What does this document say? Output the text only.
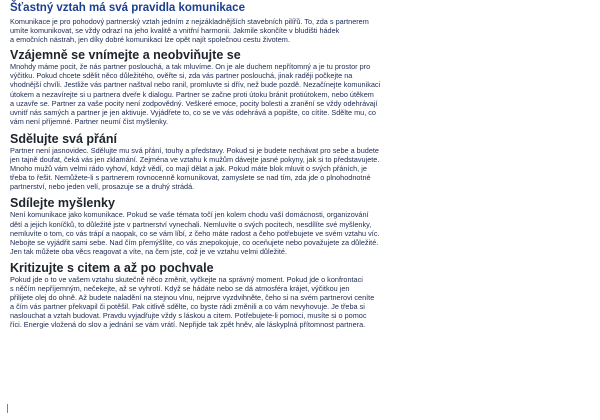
Šťastný vztah má svá pravidla komunikace
Komunikace je pro pohodový partnerský vztah jedním z nejzákladnějších stavebních pilířů. To, zda s partnerem
umíte komunikovat, se vždy odrazí na jeho kvalitě a vnitřní harmonii. Jakmile skončíte v bludišti hádek
a emočních nástrah, jen díky dobré komunikaci lze opět najít společnou cestu životem.
Vzájemně se vnímejte a neobviňujte se
Mnohdy máme pocit, že nás partner poslouchá, a tak mluvíme. On je ale duchem nepřítomný a je tu prostor pro
výčitku. Pokud chcete sdělit něco důležitého, ověřte si, zda vás partner poslouchá, jinak raději počkejte na
vhodnější chvíli. Jestliže vás partner naštval nebo ranil, promluvte si dřív, než bude pozdě. Nezačínejte komunikaci
útokem a nezavírejte si u partnera dveře k dialogu. Partner se začne proti útoku bránit protiútokem, nebo útěkem
a uzavře se. Partner za vaše pocity není zodpovědný. Veškeré emoce, pocity bolesti a zranění se vždy odehrávají
uvnitř nás samých a partner je jen aktivuje. Vyjádřete to, co se ve vás odehrává a popište, co cítíte. Sdělte mu, co
vám není příjemné. Partner neumí číst myšlenky.
Sdělujte svá přání
Partner není jasnovidec. Sdělujte mu svá přání, touhy a představy. Pokud si je budete nechávat pro sebe a budete
jen tajně doufat, čeká vás jen zklamání. Zejména ve vztahu k mužům dávejte jasné pokyny, jak si to představujete.
Mnoho mužů vám velmi rádo vyhoví, když vědí, co mají dělat a jak. Pokud máte blok mluvit o svých přáních, je
třeba to řešit. Nemůžete-li s partnerem rovnocenně komunikovat, zamyslete se nad tím, zda jde o plnohodnotné
partnerství, nebo jeden velí, prosazuje se a druhý strádá.
Sdílejte myšlenky
Není komunikace jako komunikace. Pokud se vaše témata točí jen kolem chodu vaší domácnosti, organizování
dětí a jejich koníčků, to důležité jste v partnerství vynechali. Nemluvíte o svých pocitech, nesdílíte své myšlenky,
nemluvíte o tom, co vás trápí a naopak, co se vám líbí, z čeho máte radost a čeho potřebujete ve svém vztahu víc.
Nebojte se vyjádřit sami sebe. Nad čím přemýšlíte, co vás znepokojuje, co oceňujete nebo považujete za důležité.
Jen tak můžete oba věcs reagovat a víte, na čem jste, což je ve vztahu velmi důležité.
Kritizujte s citem a až po pochvale
Pokud jde o to ve vašem vztahu skutečně něco změnit, vyčkejte na správný moment. Pokud jde o konfrontaci
s něčím nepříjemným, nečekejte, až se vyhrotí. Když se hádáte nebo se dá atmosféra krájet, výčitkou jen
přilijete olej do ohně. Až budete naladění na stejnou vlnu, nejprve vyzdvihněte, čeho si na svém partnerovi ceníte
a čím vás partner překvapil či potěšil. Pak citlivě sdělte, co byste rádi změnili a co vám nevyhovuje. Je třeba si
naslouchat a vztah budovat. Pravdu vyjadřujte vždy s láskou a citem. Potřebujete-li pomoci, musíte si o pomoc
říci. Energie vložená do slov a jednání se vám vrátí. Nepřijde tak zpět hněv, ale láskyplná přítomnost partnera.
